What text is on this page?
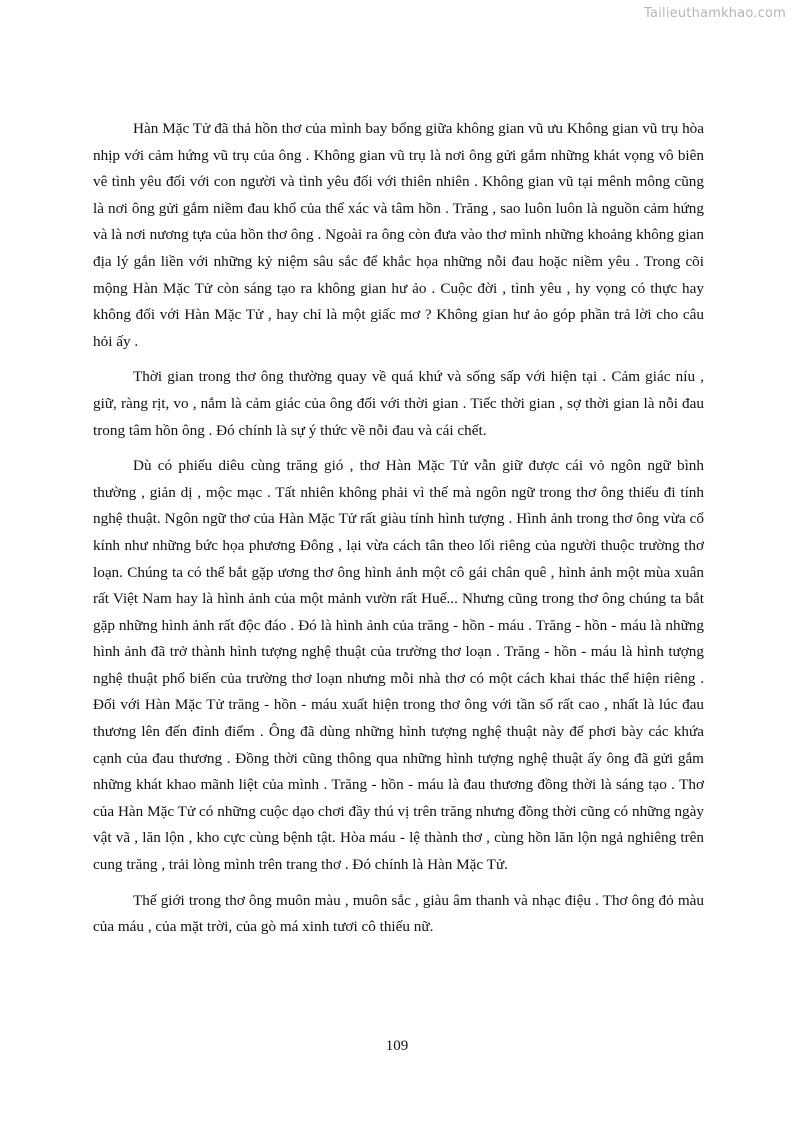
Tailieuthamkhao.com

Hàn Mặc Tử đã thả hồn thơ của mình bay bổng giữa không gian vũ ưu Không gian vũ trụ hòa nhịp với cảm hứng vũ trụ của ông . Không gian vũ trụ là nơi ông gửi gắm những khát vọng vô biên vê tình yêu đối với con người và tình yêu đối với thiên nhiên . Không gian vũ tại mênh mông cũng là nơi ông gửi gắm niềm đau khổ của thể xác và tâm hồn . Trăng , sao luôn luôn là nguồn cảm hứng và là nơi nương tựa của hồn thơ ông . Ngoài ra ông còn đưa vào thơ mình những khoảng không gian địa lý gắn liền với những kỷ niệm sâu sắc để khắc họa những nỗi đau hoặc niềm yêu . Trong cõi mộng Hàn Mặc Tử còn sáng tạo ra không gian hư ảo . Cuộc đời , tình yêu , hy vọng có thực hay không đối với Hàn Mặc Tử , hay chỉ là một giấc mơ ? Không gian hư ảo góp phần trả lời cho câu hỏi ấy .

Thời gian trong thơ ông thường quay về quá khứ và sống sấp với hiện tại . Cảm giác níu , giữ, ràng rịt, vo , nắm là cảm giác của ông đối với thời gian . Tiếc thời gian , sợ thời gian là nỗi đau trong tâm hồn ông . Đó chính là sự ý thức về nỗi đau và cái chết.

Dù có phiếu diêu cùng trăng gió , thơ Hàn Mặc Tử vẫn giữ được cái vỏ ngôn ngữ bình thường , giản dị , mộc mạc . Tất nhiên không phải vì thế mà ngôn ngữ trong thơ ông thiếu đi tính nghệ thuật. Ngôn ngữ thơ của Hàn Mặc Tử rất giàu tính hình tượng . Hình ảnh trong thơ ông vừa cổ kính như những bức họa phương Đông , lại vừa cách tân theo lối riêng của người thuộc trường thơ loạn. Chúng ta có thể bắt gặp ương thơ ông hình ảnh một cô gái chân quê , hình ảnh một mùa xuân rất Việt Nam hay là hình ảnh của một mảnh vườn rất Huế... Nhưng cũng trong thơ ông chúng ta bắt gặp những hình ảnh rất độc đáo . Đó là hình ảnh của trăng - hồn - máu . Trăng - hồn - máu là những hình ảnh đã trở thành hình tượng nghệ thuật của trường thơ loạn . Trăng - hồn - máu là hình tượng nghệ thuật phổ biến của trường thơ loạn nhưng mỗi nhà thơ có một cách khai thác thể hiện riêng . Đối với Hàn Mặc Tử trăng - hồn - máu xuất hiện trong thơ ông với tần số rất cao , nhất là lúc đau thương lên đến đỉnh điểm . Ông đã dùng những hình tượng nghệ thuật này để phơi bày các khứa cạnh của đau thương . Đồng thời cũng thông qua những hình tượng nghệ thuật ấy ông đã gửi gắm những khát khao mãnh liệt của mình . Trăng - hồn - máu là đau thương đồng thời là sáng tạo . Thơ của Hàn Mặc Tử có những cuộc dạo chơi đầy thú vị trên trăng nhưng đồng thời cũng có những ngày vật vã , lăn lộn , kho cực cùng bệnh tật. Hòa máu - lệ thành thơ , cùng hồn lăn lộn ngả nghiêng trên cung trăng , trải lòng mình trên trang thơ . Đó chính là Hàn Mặc Tử.

Thế giới trong thơ ông muôn màu , muôn sắc , giàu âm thanh và nhạc điệu . Thơ ông đỏ màu của máu , của mặt trời, của gò má xinh tươi cô thiếu nữ.

109
